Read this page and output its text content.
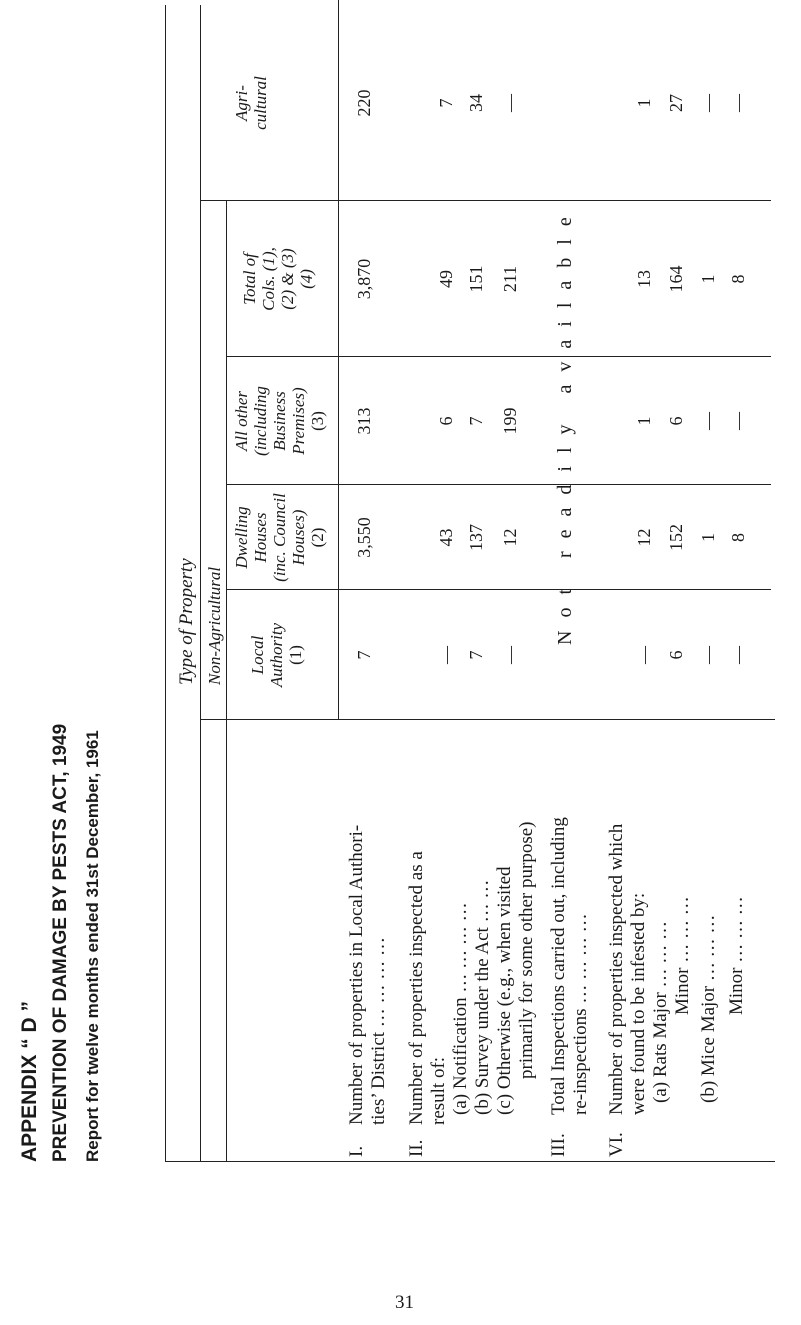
APPENDIX “ D ” PREVENTION OF DAMAGE BY PESTS ACT, 1949 Report for twelve months ended 31st December, 1961
Type of Property Non-Agricultural Local Authority (1)
Dwelling Houses (inc. Council Houses) (2)
All other (including Business Premises) (3)
Total of Cols. (1), (2) & (3) (4)
Agri- cultural
I.
Number of properties in Local Authori- ties’ District … … … …
7
3,550
313
3,870
220
II.
Number of properties inspected as a result of: (a) Notification … … … …
—
43
6
49
7
(b) Survey under the Act … …
7
137
7
151
34
(c) Otherwise (e.g., when visited primarily for some other purpose)
—
12
199
211
—
III.
Total Inspections carried out, including re-inspections … … … …
Not readily available
VI.
Number of properties inspected which were found to be infested by: (a) Rats Major … … …
—
12
1
13
1
Minor … … …
6
152
6
164
27
(b) Mice Major … … …
—
1
—
1
—
Minor … … …
—
8
—
8
—
31
